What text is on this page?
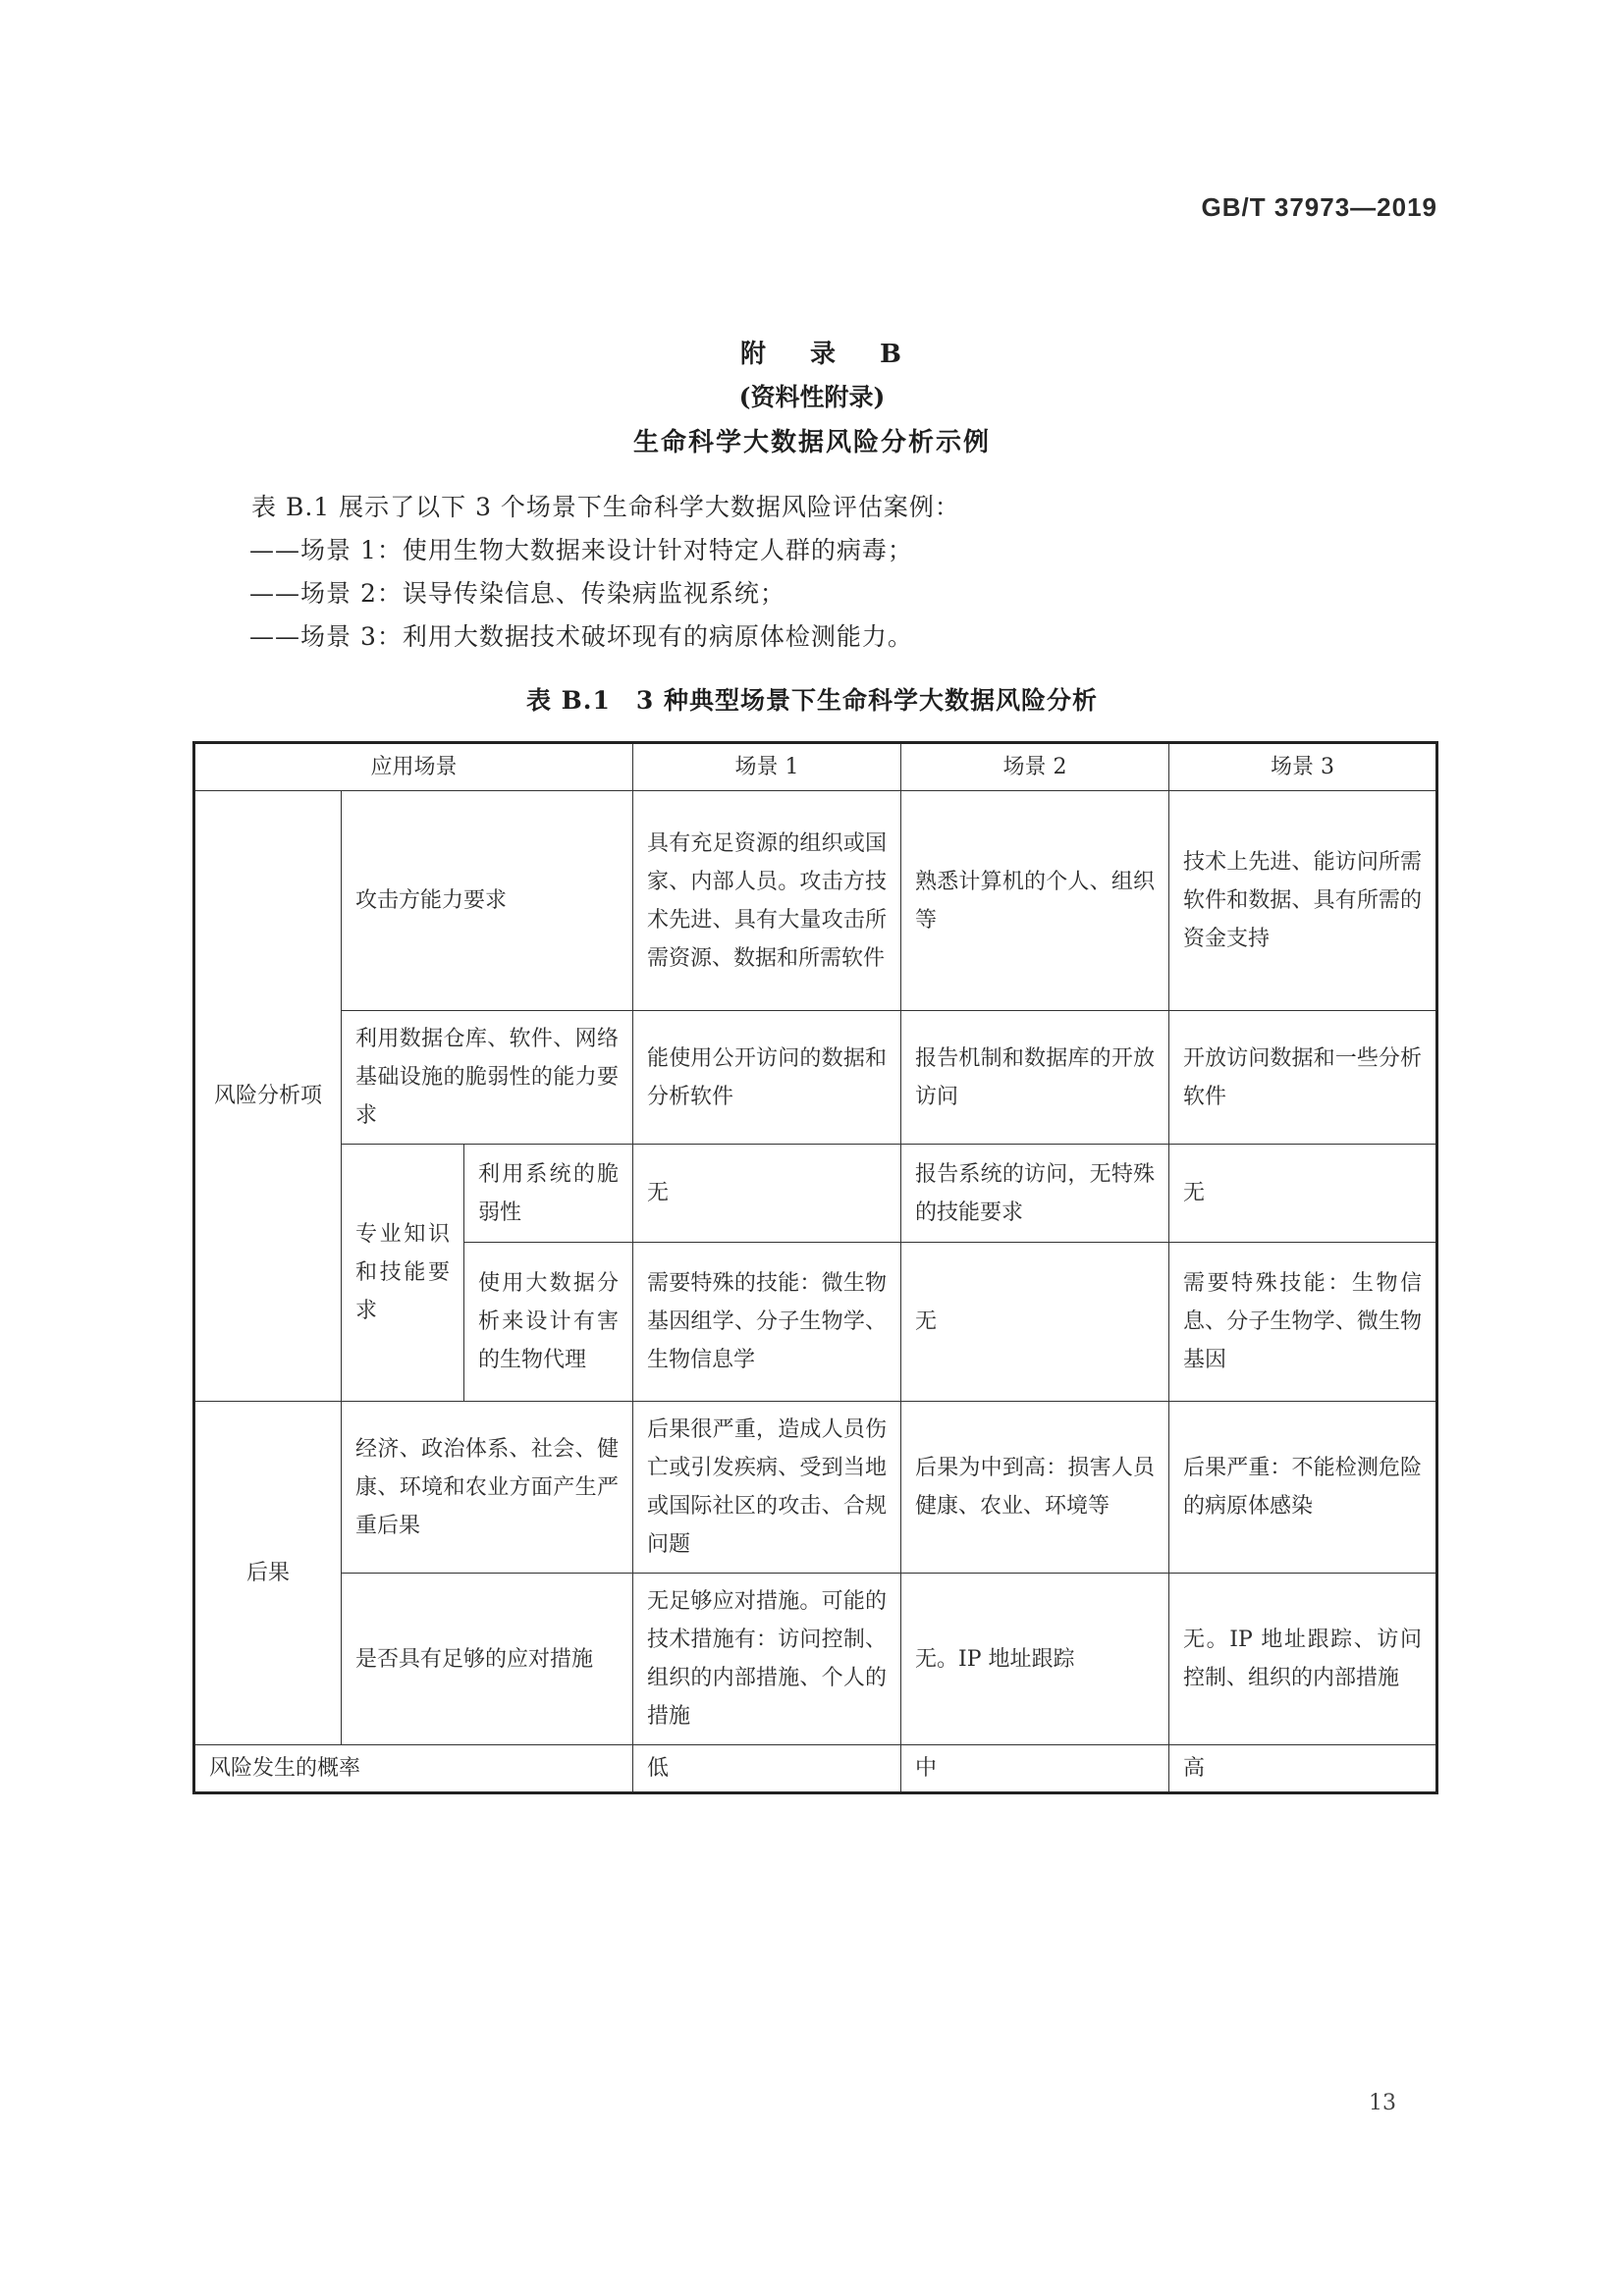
GB/T 37973—2019
附 录 B
(资料性附录)
生命科学大数据风险分析示例
表 B.1 展示了以下 3 个场景下生命科学大数据风险评估案例：
——场景 1：使用生物大数据来设计针对特定人群的病毒；
——场景 2：误导传染信息、传染病监视系统；
——场景 3：利用大数据技术破坏现有的病原体检测能力。
表 B.1　3 种典型场景下生命科学大数据风险分析
应用场景			场景 1	场景 2	场景 3
风险分析项	攻击方能力要求		具有充足资源的组织或国家、内部人员。攻击方技术先进、具有大量攻击所需资源、数据和所需软件	熟悉计算机的个人、组织等	技术上先进、能访问所需软件和数据、具有所需的资金支持
	利用数据仓库、软件、网络基础设施的脆弱性的能力要求		能使用公开访问的数据和分析软件	报告机制和数据库的开放访问	开放访问数据和一些分析软件
	专业知识和技能要求	利用系统的脆弱性	无	报告系统的访问，无特殊的技能要求	无
		使用大数据分析来设计有害的生物代理	需要特殊的技能：微生物基因组学、分子生物学、生物信息学	无	需要特殊技能：生物信息、分子生物学、微生物基因
后果	经济、政治体系、社会、健康、环境和农业方面产生严重后果		后果很严重，造成人员伤亡或引发疾病、受到当地或国际社区的攻击、合规问题	后果为中到高：损害人员健康、农业、环境等	后果严重：不能检测危险的病原体感染
	是否具有足够的应对措施		无足够应对措施。可能的技术措施有：访问控制、组织的内部措施、个人的措施	无。IP 地址跟踪	无。IP 地址跟踪、访问控制、组织的内部措施
风险发生的概率			低	中	高
13
